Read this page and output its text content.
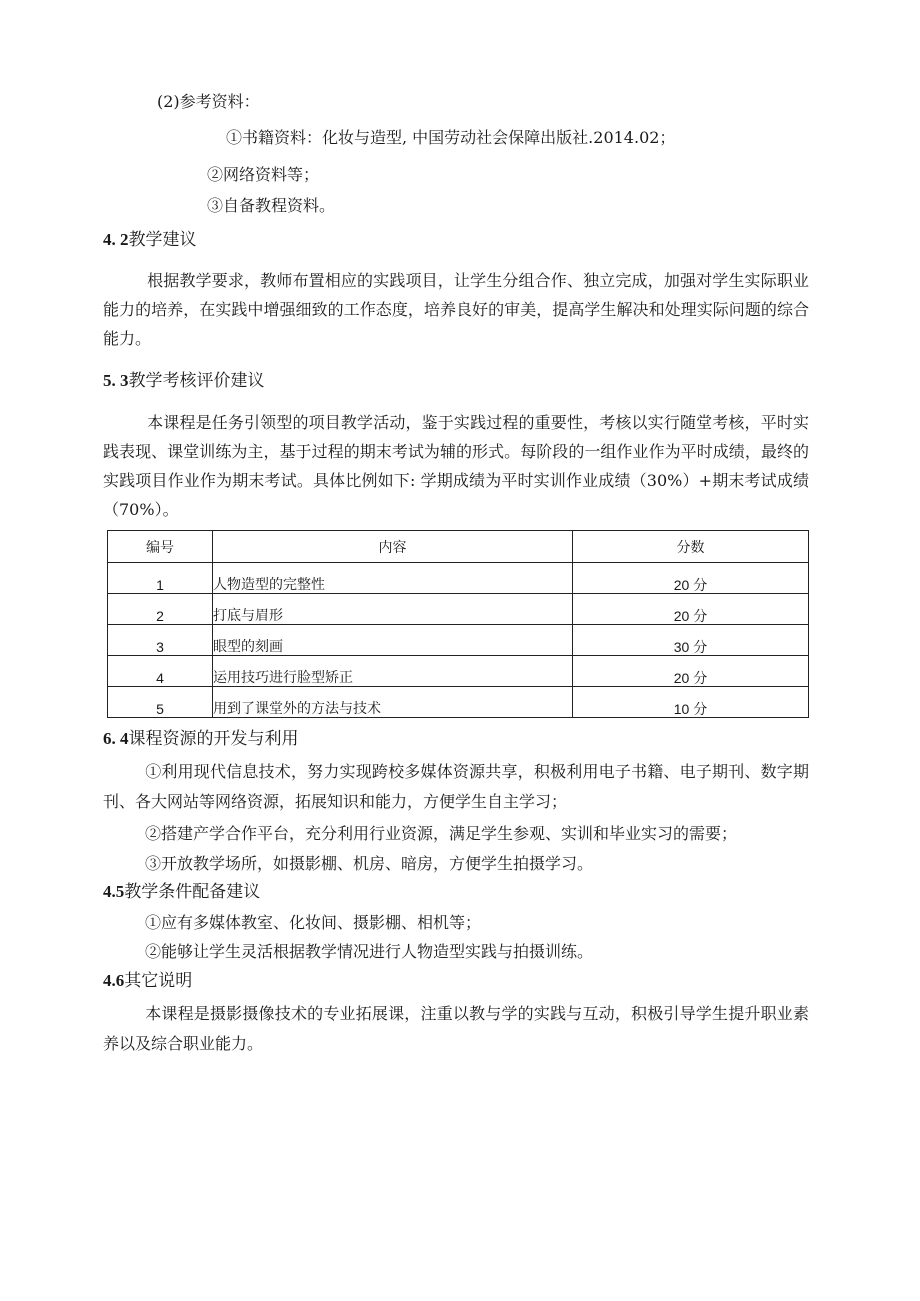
(2)参考资料：
①书籍资料：化妆与造型, 中国劳动社会保障出版社.2014.02；
②网络资料等；
③自备教程资料。
4. 2教学建议
根据教学要求，教师布置相应的实践项目，让学生分组合作、独立完成，加强对学生实际职业能力的培养，在实践中增强细致的工作态度，培养良好的审美，提高学生解决和处理实际问题的综合能力。
5. 3教学考核评价建议
本课程是任务引领型的项目教学活动，鉴于实践过程的重要性，考核以实行随堂考核，平时实践表现、课堂训练为主，基于过程的期末考试为辅的形式。每阶段的一组作业作为平时成绩，最终的实践项目作业作为期末考试。具体比例如下: 学期成绩为平时实训作业成绩（30%）+期末考试成绩（70%）。
编号	内容	分数

1	人物造型的完整性	20 分

2	打底与眉形	20 分

3	眼型的刻画	30 分

4	运用技巧进行脸型矫正	20 分

5	用到了课堂外的方法与技术	10 分
6. 4课程资源的开发与利用
①利用现代信息技术，努力实现跨校多媒体资源共享，积极利用电子书籍、电子期刊、数字期刊、各大网站等网络资源，拓展知识和能力，方便学生自主学习；
②搭建产学合作平台，充分利用行业资源，满足学生参观、实训和毕业实习的需要；
③开放教学场所，如摄影棚、机房、暗房，方便学生拍摄学习。
4.5教学条件配备建议
①应有多媒体教室、化妆间、摄影棚、相机等；
②能够让学生灵活根据教学情况进行人物造型实践与拍摄训练。
4.6其它说明
本课程是摄影摄像技术的专业拓展课，注重以教与学的实践与互动，积极引导学生提升职业素养以及综合职业能力。
